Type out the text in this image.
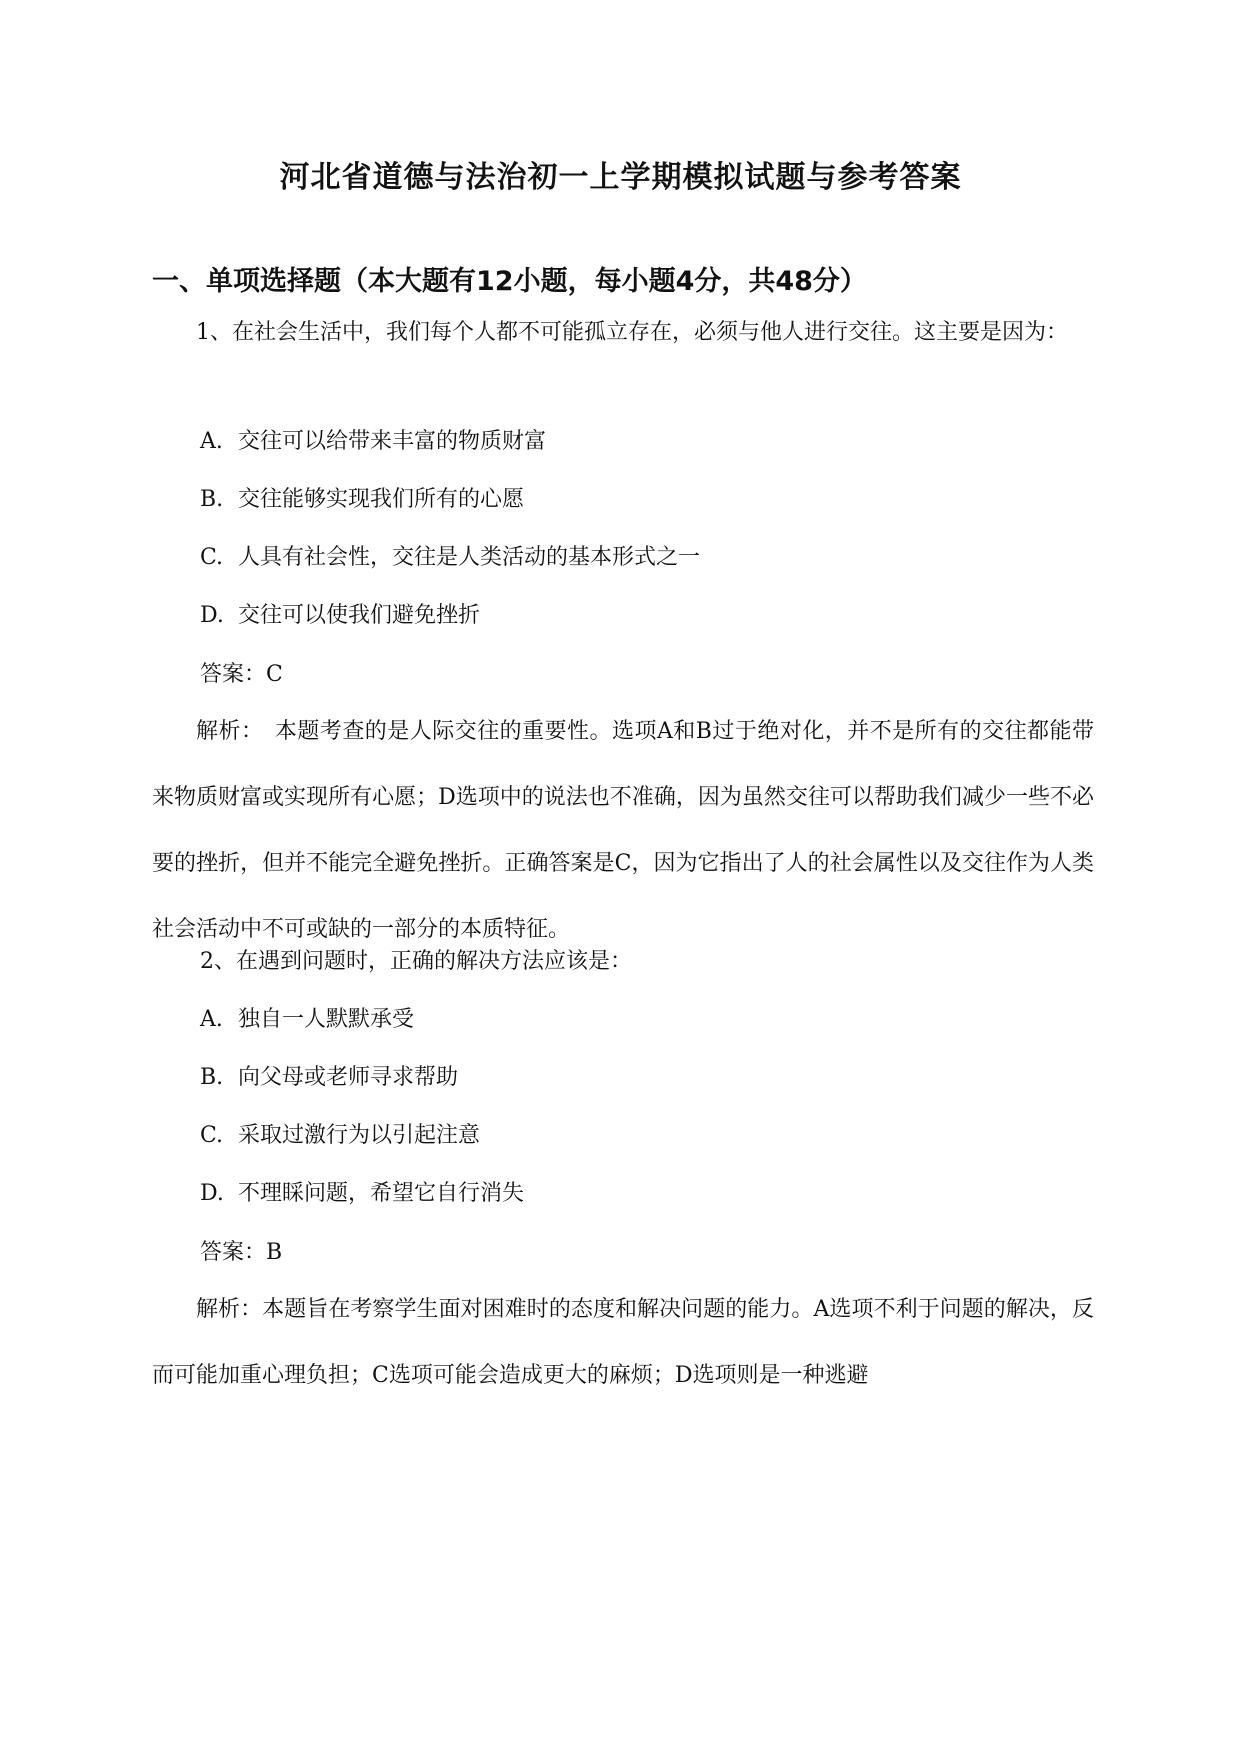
河北省道德与法治初一上学期模拟试题与参考答案
一、单项选择题（本大题有12小题，每小题4分，共48分）

1、在社会生活中，我们每个人都不可能孤立存在，必须与他人进行交往。这主要是因为：

A. 交往可以给带来丰富的物质财富

B. 交往能够实现我们所有的心愿

C. 人具有社会性，交往是人类活动的基本形式之一

D. 交往可以使我们避免挫折

答案：C

解析：　本题考查的是人际交往的重要性。选项A和B过于绝对化，并不是所有的交往都能带来物质财富或实现所有心愿；D选项中的说法也不准确，因为虽然交往可以帮助我们减少一些不必要的挫折，但并不能完全避免挫折。正确答案是C，因为它指出了人的社会属性以及交往作为人类社会活动中不可或缺的一部分的本质特征。

2、在遇到问题时，正确的解决方法应该是：

A. 独自一人默默承受

B. 向父母或老师寻求帮助

C. 采取过激行为以引起注意

D. 不理睬问题，希望它自行消失

答案：B

解析：本题旨在考察学生面对困难时的态度和解决问题的能力。A选项不利于问题的解决，反而可能加重心理负担；C选项可能会造成更大的麻烦；D选项则是一种逃避
